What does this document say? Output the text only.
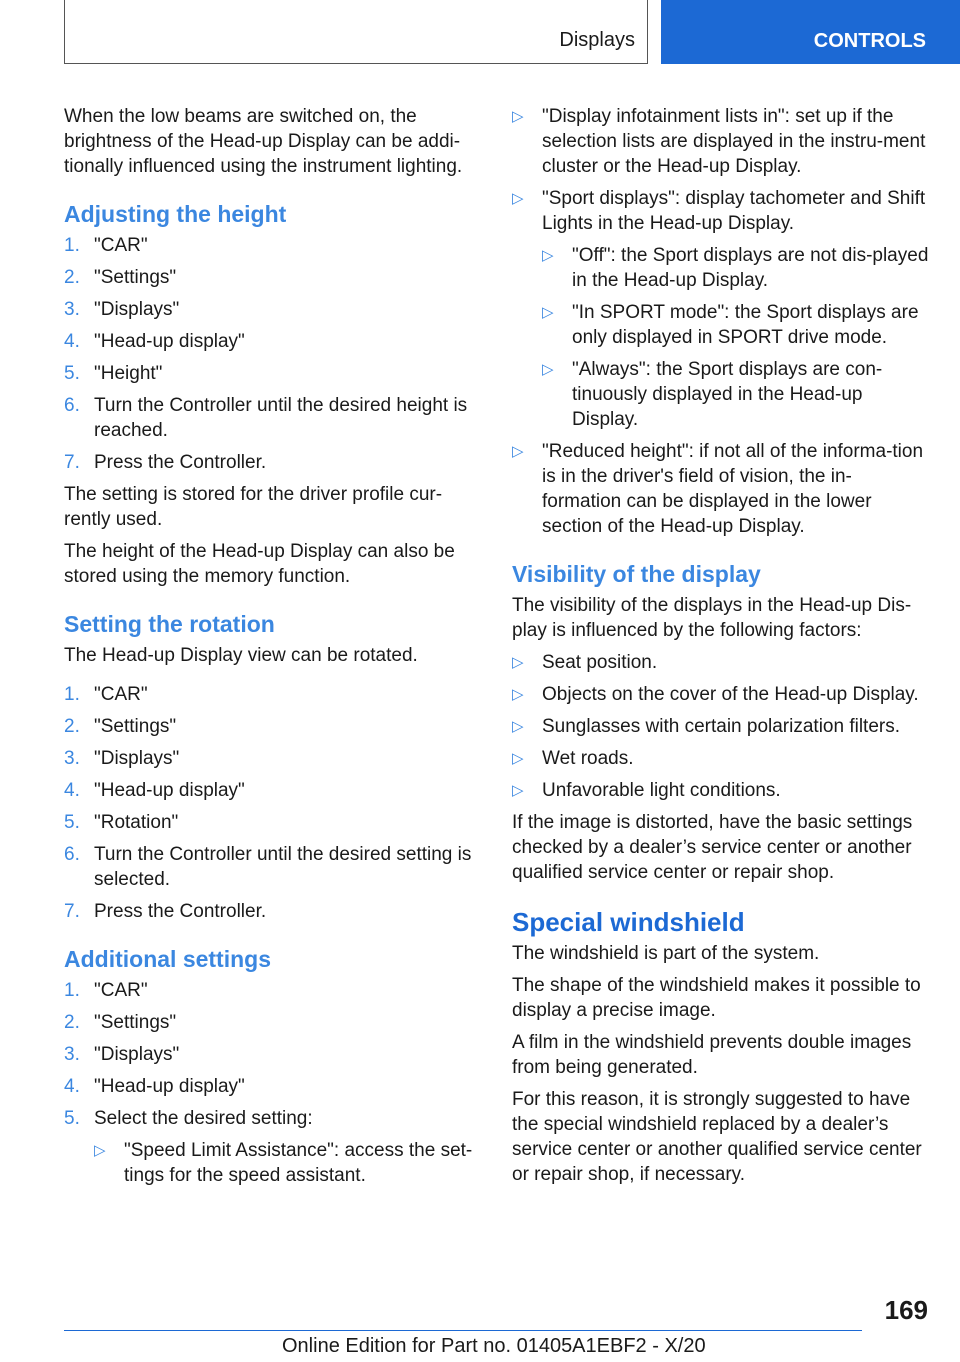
Displays	CONTROLS

When the low beams are switched on, the brightness of the Head-up Display can be addi-tionally influenced using the instrument lighting.

Adjusting the height
1. "CAR"
2. "Settings"
3. "Displays"
4. "Head-up display"
5. "Height"
6. Turn the Controller until the desired height is reached.
7. Press the Controller.

The setting is stored for the driver profile cur-rently used.

The height of the Head-up Display can also be stored using the memory function.

Setting the rotation

The Head-up Display view can be rotated.

1. "CAR"
2. "Settings"
3. "Displays"
4. "Head-up display"
5. "Rotation"
6. Turn the Controller until the desired setting is selected.
7. Press the Controller.
Additional settings
1. "CAR"
2. "Settings"
3. "Displays"
4. "Head-up display"
5. Select the desired setting:
▷ "Speed Limit Assistance": access the set-tings for the speed assistant.
▷ "Display infotainment lists in": set up if the selection lists are displayed in the instru-ment cluster or the Head-up Display.
▷ "Sport displays": display tachometer and Shift Lights in the Head-up Display.
▷ "Off": the Sport displays are not dis-played in the Head-up Display.
▷ "In SPORT mode": the Sport displays are only displayed in SPORT drive mode.
▷ "Always": the Sport displays are con-tinuously displayed in the Head-up Display.
▷ "Reduced height": if not all of the informa-tion is in the driver's field of vision, the in-formation can be displayed in the lower section of the Head-up Display.
Visibility of the display

The visibility of the displays in the Head-up Dis-play is influenced by the following factors:

▷ Seat position.
▷ Objects on the cover of the Head-up Display.
▷ Sunglasses with certain polarization filters.
▷ Wet roads.
▷ Unfavorable light conditions.

If the image is distorted, have the basic settings checked by a dealer’s service center or another qualified service center or repair shop.

Special windshield

The windshield is part of the system.

The shape of the windshield makes it possible to display a precise image.

A film in the windshield prevents double images from being generated.

For this reason, it is strongly suggested to have the special windshield replaced by a dealer’s service center or another qualified service center or repair shop, if necessary.

169
Online Edition for Part no. 01405A1EBF2 - X/20
